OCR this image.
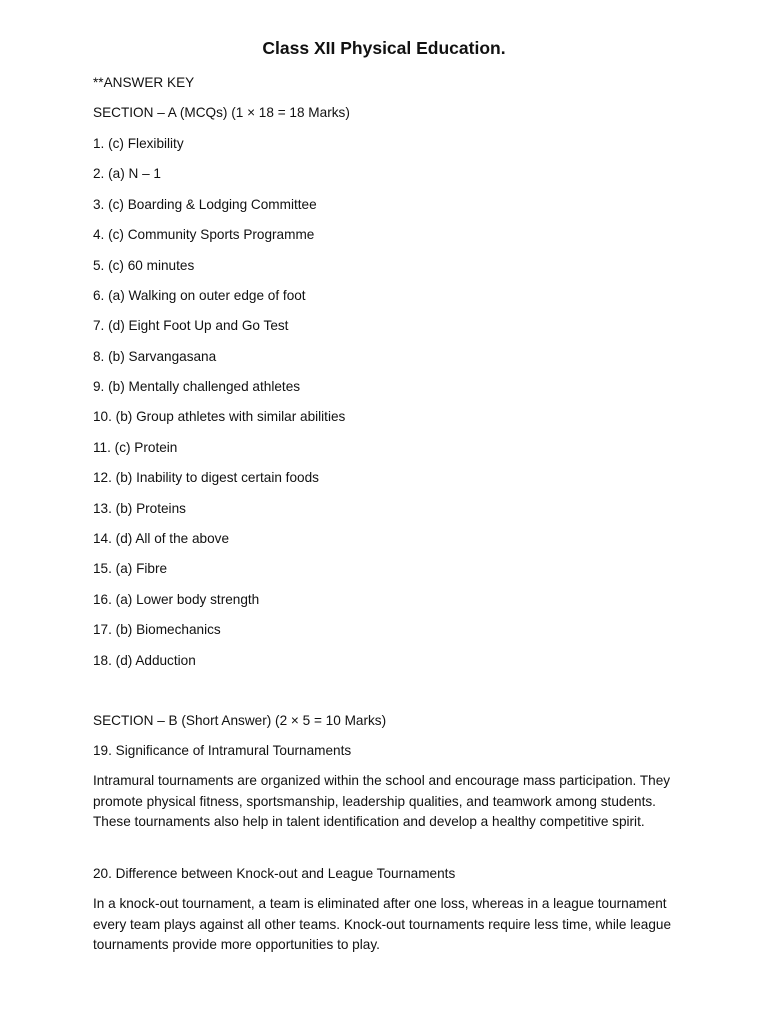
Class XII Physical Education.
**ANSWER KEY
SECTION – A (MCQs) (1 × 18 = 18 Marks)
1. (c) Flexibility
2. (a) N – 1
3. (c) Boarding & Lodging Committee
4. (c) Community Sports Programme
5. (c) 60 minutes
6. (a) Walking on outer edge of foot
7. (d) Eight Foot Up and Go Test
8. (b) Sarvangasana
9. (b) Mentally challenged athletes
10. (b) Group athletes with similar abilities
11. (c) Protein
12. (b) Inability to digest certain foods
13. (b) Proteins
14. (d) All of the above
15. (a) Fibre
16. (a) Lower body strength
17. (b) Biomechanics
18. (d) Adduction
SECTION – B (Short Answer) (2 × 5 = 10 Marks)
19. Significance of Intramural Tournaments

Intramural tournaments are organized within the school and encourage mass participation. They promote physical fitness, sportsmanship, leadership qualities, and teamwork among students. These tournaments also help in talent identification and develop a healthy competitive spirit.

20. Difference between Knock-out and League Tournaments

In a knock-out tournament, a team is eliminated after one loss, whereas in a league tournament every team plays against all other teams. Knock-out tournaments require less time, while league tournaments provide more opportunities to play.
